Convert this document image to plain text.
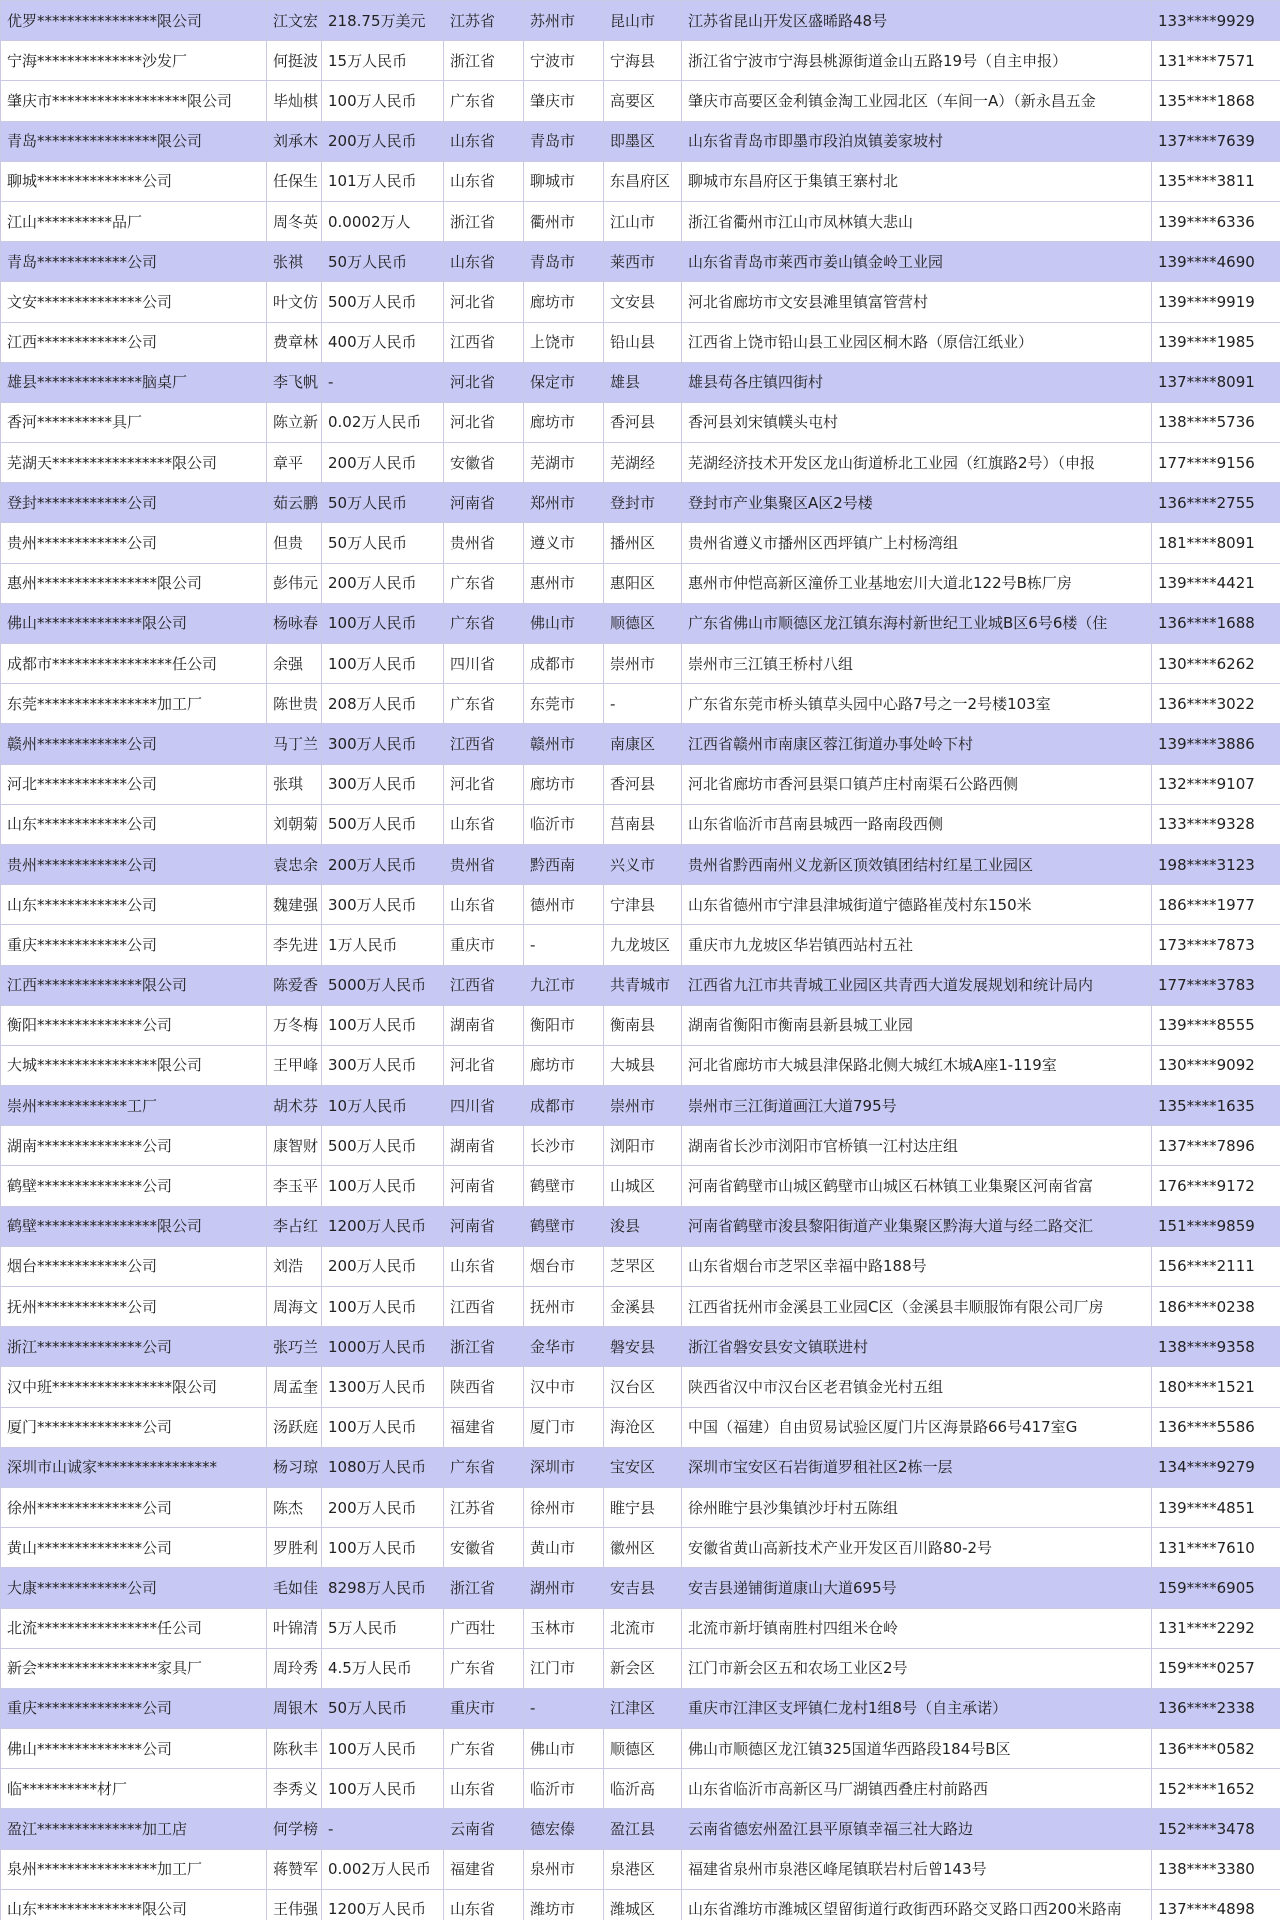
优罗****************限公司	江文宏	218.75万美元	江苏省	苏州市	昆山市	江苏省昆山开发区盛晞路48号	133****9929
宁海**************沙发厂	何挺波	15万人民币	浙江省	宁波市	宁海县	浙江省宁波市宁海县桃源街道金山五路19号（自主申报）	131****7571
肇庆市******************限公司	毕灿棋	100万人民币	广东省	肇庆市	高要区	肇庆市高要区金利镇金淘工业园北区（车间一A）（新永昌五金	135****1868
青岛****************限公司	刘承木	200万人民币	山东省	青岛市	即墨区	山东省青岛市即墨市段泊岚镇姜家坡村	137****7639
聊城**************公司	任保生	101万人民币	山东省	聊城市	东昌府区	聊城市东昌府区于集镇王寨村北	135****3811
江山**********品厂	周冬英	0.0002万人	浙江省	衢州市	江山市	浙江省衢州市江山市凤林镇大悲山	139****6336
青岛************公司	张祺	50万人民币	山东省	青岛市	莱西市	山东省青岛市莱西市姜山镇金岭工业园	139****4690
文安**************公司	叶文仿	500万人民币	河北省	廊坊市	文安县	河北省廊坊市文安县滩里镇富管营村	139****9919
江西************公司	费章林	400万人民币	江西省	上饶市	铅山县	江西省上饶市铅山县工业园区桐木路（原信江纸业）	139****1985
雄县**************脑桌厂	李飞帆	-	河北省	保定市	雄县	雄县苟各庄镇四街村	137****8091
香河**********具厂	陈立新	0.02万人民币	河北省	廊坊市	香河县	香河县刘宋镇幞头屯村	138****5736
芜湖天****************限公司	章平	200万人民币	安徽省	芜湖市	芜湖经	芜湖经济技术开发区龙山街道桥北工业园（红旗路2号）（申报	177****9156
登封************公司	茹云鹏	50万人民币	河南省	郑州市	登封市	登封市产业集聚区A区2号楼	136****2755
贵州************公司	但贵	50万人民币	贵州省	遵义市	播州区	贵州省遵义市播州区西坪镇广上村杨湾组	181****8091
惠州****************限公司	彭伟元	200万人民币	广东省	惠州市	惠阳区	惠州市仲恺高新区潼侨工业基地宏川大道北122号B栋厂房	139****4421
佛山**************限公司	杨咏春	100万人民币	广东省	佛山市	顺德区	广东省佛山市顺德区龙江镇东海村新世纪工业城B区6号6楼（住	136****1688
成都市****************任公司	余强	100万人民币	四川省	成都市	崇州市	崇州市三江镇王桥村八组	130****6262
东莞****************加工厂	陈世贵	208万人民币	广东省	东莞市	-	广东省东莞市桥头镇草头园中心路7号之一2号楼103室	136****3022
赣州************公司	马丁兰	300万人民币	江西省	赣州市	南康区	江西省赣州市南康区蓉江街道办事处岭下村	139****3886
河北************公司	张琪	300万人民币	河北省	廊坊市	香河县	河北省廊坊市香河县渠口镇芦庄村南渠石公路西侧	132****9107
山东************公司	刘朝菊	500万人民币	山东省	临沂市	莒南县	山东省临沂市莒南县城西一路南段西侧	133****9328
贵州************公司	袁忠余	200万人民币	贵州省	黔西南	兴义市	贵州省黔西南州义龙新区顶效镇团结村红星工业园区	198****3123
山东************公司	魏建强	300万人民币	山东省	德州市	宁津县	山东省德州市宁津县津城街道宁德路崔茂村东150米	186****1977
重庆************公司	李先进	1万人民币	重庆市	-	九龙坡区	重庆市九龙坡区华岩镇西站村五社	173****7873
江西**************限公司	陈爱香	5000万人民币	江西省	九江市	共青城市	江西省九江市共青城工业园区共青西大道发展规划和统计局内	177****3783
衡阳**************公司	万冬梅	100万人民币	湖南省	衡阳市	衡南县	湖南省衡阳市衡南县新县城工业园	139****8555
大城****************限公司	王甲峰	300万人民币	河北省	廊坊市	大城县	河北省廊坊市大城县津保路北侧大城红木城A座1-119室	130****9092
崇州************工厂	胡术芬	10万人民币	四川省	成都市	崇州市	崇州市三江街道画江大道795号	135****1635
湖南**************公司	康智财	500万人民币	湖南省	长沙市	浏阳市	湖南省长沙市浏阳市官桥镇一江村达庄组	137****7896
鹤壁**************公司	李玉平	100万人民币	河南省	鹤壁市	山城区	河南省鹤壁市山城区鹤壁市山城区石林镇工业集聚区河南省富	176****9172
鹤壁****************限公司	李占红	1200万人民币	河南省	鹤壁市	浚县	河南省鹤壁市浚县黎阳街道产业集聚区黔海大道与经二路交汇	151****9859
烟台************公司	刘浩	200万人民币	山东省	烟台市	芝罘区	山东省烟台市芝罘区幸福中路188号	156****2111
抚州************公司	周海文	100万人民币	江西省	抚州市	金溪县	江西省抚州市金溪县工业园C区（金溪县丰顺服饰有限公司厂房	186****0238
浙江**************公司	张巧兰	1000万人民币	浙江省	金华市	磐安县	浙江省磐安县安文镇联进村	138****9358
汉中班****************限公司	周孟奎	1300万人民币	陕西省	汉中市	汉台区	陕西省汉中市汉台区老君镇金光村五组	180****1521
厦门**************公司	汤跃庭	100万人民币	福建省	厦门市	海沧区	中国（福建）自由贸易试验区厦门片区海景路66号417室G	136****5586
深圳市山诚家****************	杨习琼	1080万人民币	广东省	深圳市	宝安区	深圳市宝安区石岩街道罗租社区2栋一层	134****9279
徐州**************公司	陈杰	200万人民币	江苏省	徐州市	睢宁县	徐州睢宁县沙集镇沙圩村五陈组	139****4851
黄山**************公司	罗胜利	100万人民币	安徽省	黄山市	徽州区	安徽省黄山高新技术产业开发区百川路80-2号	131****7610
大康************公司	毛如佳	8298万人民币	浙江省	湖州市	安吉县	安吉县递铺街道康山大道695号	159****6905
北流****************任公司	叶锦清	5万人民币	广西壮	玉林市	北流市	北流市新圩镇南胜村四组米仓岭	131****2292
新会****************家具厂	周玲秀	4.5万人民币	广东省	江门市	新会区	江门市新会区五和农场工业区2号	159****0257
重庆**************公司	周银木	50万人民币	重庆市	-	江津区	重庆市江津区支坪镇仁龙村1组8号（自主承诺）	136****2338
佛山**************公司	陈秋丰	100万人民币	广东省	佛山市	顺德区	佛山市顺德区龙江镇325国道华西路段184号B区	136****0582
临**********材厂	李秀义	100万人民币	山东省	临沂市	临沂高	山东省临沂市高新区马厂湖镇西叠庄村前路西	152****1652
盈江**************加工店	何学榜	-	云南省	德宏傣	盈江县	云南省德宏州盈江县平原镇幸福三社大路边	152****3478
泉州****************加工厂	蒋赞军	0.002万人民币	福建省	泉州市	泉港区	福建省泉州市泉港区峰尾镇联岩村后曾143号	138****3380
山东**************限公司	王伟强	1200万人民币	山东省	潍坊市	潍城区	山东省潍坊市潍城区望留街道行政街西环路交叉路口西200米路南	137****4898
